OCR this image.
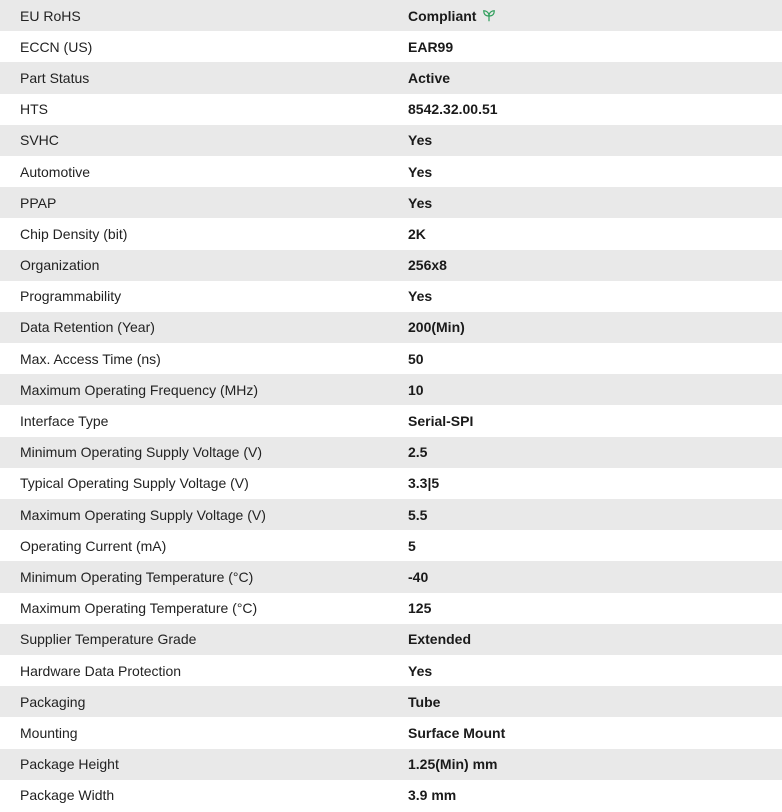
EU RoHS	Compliant
ECCN (US)	EAR99
Part Status	Active
HTS	8542.32.00.51
SVHC	Yes
Automotive	Yes
PPAP	Yes
Chip Density (bit)	2K
Organization	256x8
Programmability	Yes
Data Retention (Year)	200(Min)
Max. Access Time (ns)	50
Maximum Operating Frequency (MHz)	10
Interface Type	Serial-SPI
Minimum Operating Supply Voltage (V)	2.5
Typical Operating Supply Voltage (V)	3.3|5
Maximum Operating Supply Voltage (V)	5.5
Operating Current (mA)	5
Minimum Operating Temperature (°C)	-40
Maximum Operating Temperature (°C)	125
Supplier Temperature Grade	Extended
Hardware Data Protection	Yes
Packaging	Tube
Mounting	Surface Mount
Package Height	1.25(Min) mm
Package Width	3.9 mm
